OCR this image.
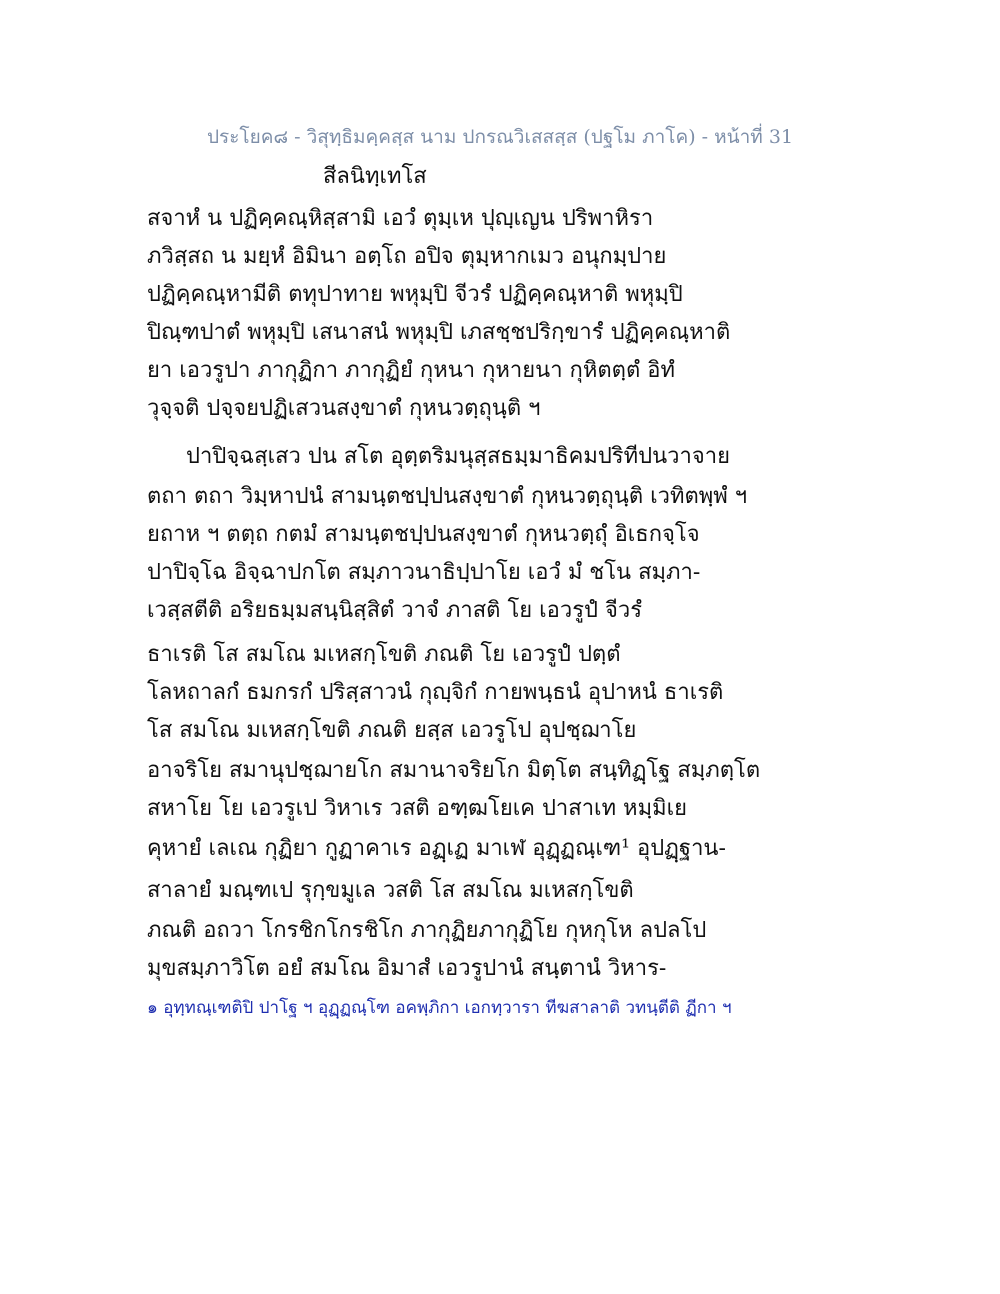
ประโยค๘ - วิสุทฺธิมคฺคสฺส นาม ปกรณวิเสสสฺส (ปฐโม ภาโค) - หน้าที่ 31
สีลนิทฺเทโส
สจาหํ น ปฏิคฺคณฺหิสฺสามิ เอวํ ตุมฺเห ปุญฺเญน ปริพาหิรา
ภวิสฺสถ น มยฺหํ อิมินา อตฺโถ อปิจ ตุมฺหากเมว อนุกมฺปาย
ปฏิคฺคณฺหามีติ ตทุปาทาย พหุมฺปิ จีวรํ ปฏิคฺคณฺหาติ พหุมฺปิ
ปิณฺฑปาตํ พหุมฺปิ เสนาสนํ พหุมฺปิ เภสชฺชปริกฺขารํ ปฏิคฺคณฺหาติ
ยา เอวรูปา ภากุฏิกา ภากุฏิยํ กุหนา กุหายนา กุหิตตฺตํ อิทํ
วุจฺจติ ปจฺจยปฏิเสวนสงฺขาตํ กุหนวตฺถุนฺติ ฯ
ปาปิจฺฉสฺเสว ปน สโต อุตฺตริมนุสฺสธมฺมาธิคมปริทีปนวาจาย
ตถา ตถา วิมฺหาปนํ สามนฺตชปฺปนสงฺขาตํ กุหนวตฺถุนฺติ เวทิตพฺพํ ฯ
ยถาห ฯ ตตฺถ กตมํ สามนฺตชปฺปนสงฺขาตํ กุหนวตฺถุํ อิเธกจฺโจ
ปาปิจฺโฉ อิจฺฉาปกโต สมฺภาวนาธิปฺปาโย เอวํ มํ ชโน สมฺภา-
เวสฺสตีติ อริยธมฺมสนฺนิสฺสิตํ วาจํ ภาสติ โย เอวรูปํ จีวรํ
ธาเรติ โส สมโณ มเหสกฺโขติ ภณติ โย เอวรูปํ ปตฺตํ
โลหถาลกํ ธมกรกํ ปริสฺสาวนํ กุญฺจิกํ กายพนฺธนํ อุปาหนํ ธาเรติ
โส สมโณ มเหสกฺโขติ ภณติ ยสฺส เอวรูโป อุปชฺฌาโย
อาจริโย สมานุปชฺฌายโก สมานาจริยโก มิตฺโต สนฺทิฏฺโฐ สมฺภตฺโต
สหาโย โย เอวรูเป วิหาเร วสติ อฑฺฒโยเค ปาสาเท หมฺมิเย
คุหายํ เลเณ กุฏิยา กูฏาคาเร อฏฺเฏ มาเฬ อุฏฺฏณฺเฑ¹ อุปฏฺฐาน-
สาลายํ มณฺฑเป รุกฺขมูเล วสติ โส สมโณ มเหสกฺโขติ
ภณติ อถวา โกรชิกโกรชิโก ภากุฏิยภากุฏิโย กุหกุโห ลปลโป
มุขสมฺภาวิโต อยํ สมโณ อิมาสํ เอวรูปานํ สนฺตานํ วิหาร-
๑ อุทฺทณฺเฑติปิ ปาโฐ ฯ อุฏฺฏณฺโฑ อคพฺภิกา เอกทฺวารา ทีฆสาลาติ วทนฺตีติ ฏีกา ฯ
